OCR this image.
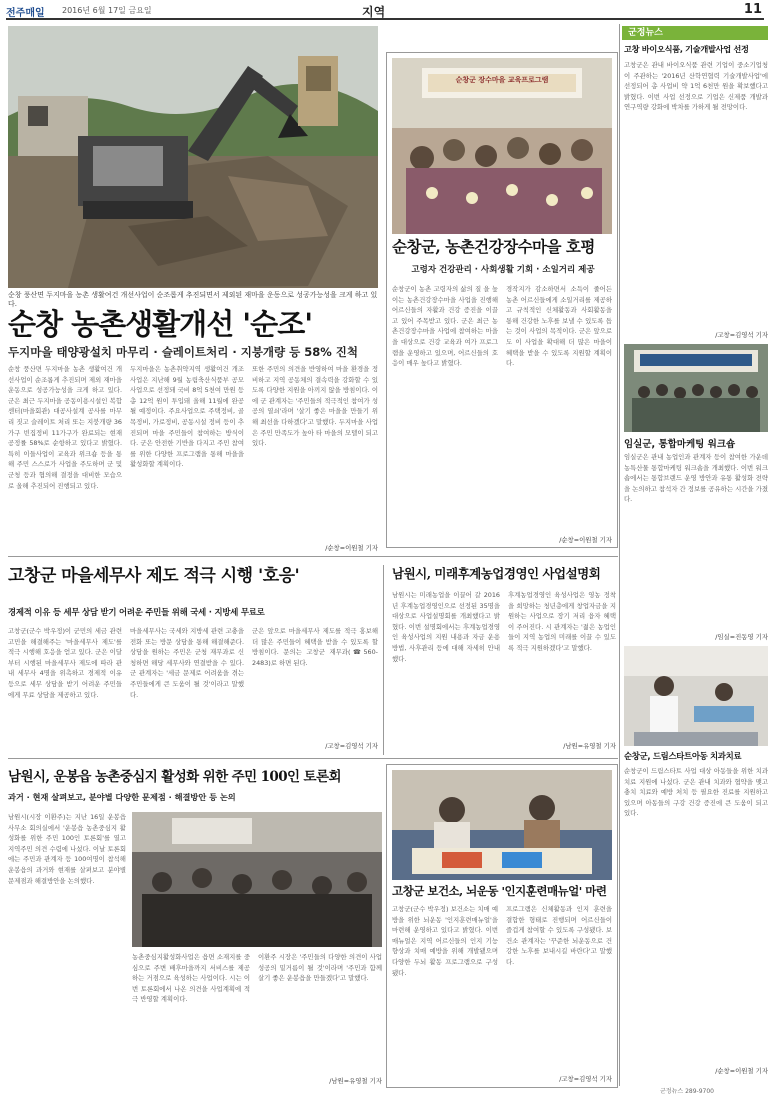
전주매일 2016년 6월 17일 금요일	지역	11
순창 풍산면 두지마을 농촌 생활여건 개선사업이 순조롭게 추진되면서 제외된 재마을 운동으로 성공가능성을 크게 하고 있다.
순창 농촌생활개선 '순조'
두지마을 태양광설치 마무리 · 슬레이트처리 · 지붕개량 등 58% 진척
순창 풍산면 두지마을 농촌 생활여건 개선사업이 순조롭게 추진되며 제외 재마을 운동으로 성공가능성을 크게 하고 있다. 군은 최근 두지마을 공동이용시설인 복합센터(마을회관) 대공사설계 공사를 마무리 짓고 슬레이트 처리 또는 지붕개량 36가구 빈집정비 11가구가 완료되는 현재 공정률 58%로 순항하고 있다고 밝혔다. 특히 이들사업이 교육과 위크숍 등을 통해 주민 스스로가 사업을 주도하며 군 및 군청 등과 협의해 결정을 대비한 모습으로 올해 추진되어 진행되고 있다.
두지마을은 농촌취약지역 생활여건 개조사업은 지난해 9월 농림축산식품부 공모사업으로 선정돼 국비 8억 5천여 만원 등 총 12억 원이 투입돼 올해 11월에 완공될 예정이다. 주요사업으로 주택정비, 골목정비, 가로정비, 공동시설 정비 등이 추진되며 마을 주민들이 참여하는 방식이다. 군은 안전한 기반을 다지고 주민 참여를 위한 다양한 프로그램을 통해 마을을 활성화할 계획이다.
또한 주민의 의견을 반영하여 마을 환경을 정비하고 지역 공동체의 결속력을 강화할 수 있도록 다양한 지원을 아끼지 않을 방침이다. 이에 군 관계자는 '주민들의 적극적인 참여가 성공의 열쇠'라며 '살기 좋은 마을을 만들기 위해 최선을 다하겠다'고 말했다. 두지마을 사업은 주민 만족도가 높아 타 마을의 모델이 되고 있다.
/순창=이원철 기자
순창군 장수마을 교육프로그램
순창군, 농촌건강장수마을 호평
고령자 건강관리 · 사회생활 기회 · 소일거리 제공
순창군이 농촌 고령자의 삶의 질 을 높이는 농촌건강장수마을 사업을 진행해 어르신들의 자활과 건강 증진을 이끌고 있어 주목받고 있다. 군은 최근 농촌건강장수마을 사업에 참여하는 마을을 대상으로 건강 교육과 여가 프로그램을 운영하고 있으며, 어르신들의 호응이 매우 높다고 밝혔다.
경작지가 감소하면서 소득이 줄어든 농촌 어르신들에게 소일거리를 제공하고 규칙적인 신체활동과 사회활동을 통해 건강한 노후를 보낼 수 있도록 돕는 것이 사업의 목적이다. 군은 앞으로도 이 사업을 확대해 더 많은 마을이 혜택을 받을 수 있도록 지원할 계획이다.
/순창=이원철 기자
고창군 마을세무사 제도 적극 시행 '호응'
경제적 이유 등 세무 상담 받기 어려운 주민들 위해 국세 · 지방세 무료로
고창군(군수 박우정)이 군민의 세금 관련 고민을 해결해주는 '마을세무사 제도'를 적극 시행해 호응을 얻고 있다. 군은 이달부터 시행된 마을세무사 제도에 따라 관내 세무사 4명을 위촉하고 경제적 이유 등으로 세무 상담을 받기 어려운 주민들에게 무료 상담을 제공하고 있다.
마을세무사는 국세와 지방세 관련 고충을 전화 또는 방문 상담을 통해 해결해준다. 상담을 원하는 주민은 군청 재무과로 신청하면 해당 세무사와 연결받을 수 있다. 군 관계자는 '세금 문제로 어려움을 겪는 주민들에게 큰 도움이 될 것'이라고 말했다.
군은 앞으로 마을세무사 제도를 적극 홍보해 더 많은 주민들이 혜택을 받을 수 있도록 할 방침이다. 문의는 고창군 재무과(☎560-2483)로 하면 된다.
/고창=김영석 기자
남원시, 미래후계농업경영인 사업설명회
남원시는 미래농업을 이끌어 갈 2016년 후계농업경영인으로 선정된 35명을 대상으로 사업설명회를 개최했다고 밝혔다. 이번 설명회에서는 후계농업경영인 육성사업의 지원 내용과 자금 운용 방법, 사후관리 등에 대해 자세히 안내했다.
후계농업경영인 육성사업은 영농 정착을 희망하는 청년층에게 창업자금을 지원하는 사업으로 장기 저리 융자 혜택이 주어진다. 시 관계자는 '젊은 농업인들이 지역 농업의 미래를 이끌 수 있도록 적극 지원하겠다'고 말했다.
/남원=유영철 기자
남원시, 운봉읍 농촌중심지 활성화 위한 주민 100인 토론회
과거 · 현재 살펴보고, 분야별 다양한 문제점 · 해결방안 등 논의
남원시(시장 이환주)는 지난 16일 운봉읍사무소 회의실에서 '운봉읍 농촌중심지 활성화를 위한 주민 100인 토론회'를 열고 지역주민 의견 수렴에 나섰다. 이날 토론회에는 주민과 관계자 등 100여명이 참석해 운봉읍의 과거와 현재를 살펴보고 분야별 문제점과 해결방안을 논의했다.
농촌중심지활성화사업은 읍면 소재지를 중심으로 주변 배후마을까지 서비스를 제공하는 거점으로 육성하는 사업이다. 시는 이번 토론회에서 나온 의견을 사업계획에 적극 반영할 계획이다.
이환주 시장은 '주민들의 다양한 의견이 사업 성공의 밑거름이 될 것'이라며 '주민과 함께 살기 좋은 운봉읍을 만들겠다'고 말했다.
/남원=유영철 기자
고창군 보건소, 뇌운동 '인지훈련매뉴얼' 마련
고창군(군수 박우정) 보건소는 치매 예방을 위한 뇌운동 '인지훈련매뉴얼'을 마련해 운영하고 있다고 밝혔다. 이번 매뉴얼은 지역 어르신들의 인지 기능 향상과 치매 예방을 위해 개발됐으며 다양한 두뇌 활동 프로그램으로 구성됐다.
프로그램은 신체활동과 인지 훈련을 결합한 형태로 진행되며 어르신들이 즐겁게 참여할 수 있도록 구성됐다. 보건소 관계자는 '꾸준한 뇌운동으로 건강한 노후를 보내시길 바란다'고 말했다.
/고창=김영석 기자
군정뉴스
고창 바이오식품, 기술개발사업 선정
고창군은 관내 바이오식품 관련 기업이 중소기업청이 주관하는 '2016년 산학연협력 기술개발사업'에 선정되어 총 사업비 약 1억 6천만 원을 확보했다고 밝혔다. 이번 사업 선정으로 기업은 신제품 개발과 연구역량 강화에 박차를 가하게 될 전망이다.
/고창=김영석 기자
임실군, 통합마케팅 워크숍
임실군은 관내 농업인과 관계자 등이 참여한 가운데 농특산물 통합마케팅 워크숍을 개최했다. 이번 워크숍에서는 통합브랜드 운영 방안과 유통 활성화 전략을 논의하고 참석자 간 정보를 공유하는 시간을 가졌다.
/임실=진동영 기자
순창군, 드림스타트아동 치과치료
순창군이 드림스타트 사업 대상 아동들을 위한 치과 치료 지원에 나섰다. 군은 관내 치과와 협약을 맺고 충치 치료와 예방 처치 등 필요한 진료를 지원하고 있으며 아동들의 구강 건강 증진에 큰 도움이 되고 있다.
/순창=이원철 기자
군정뉴스 289-9700
